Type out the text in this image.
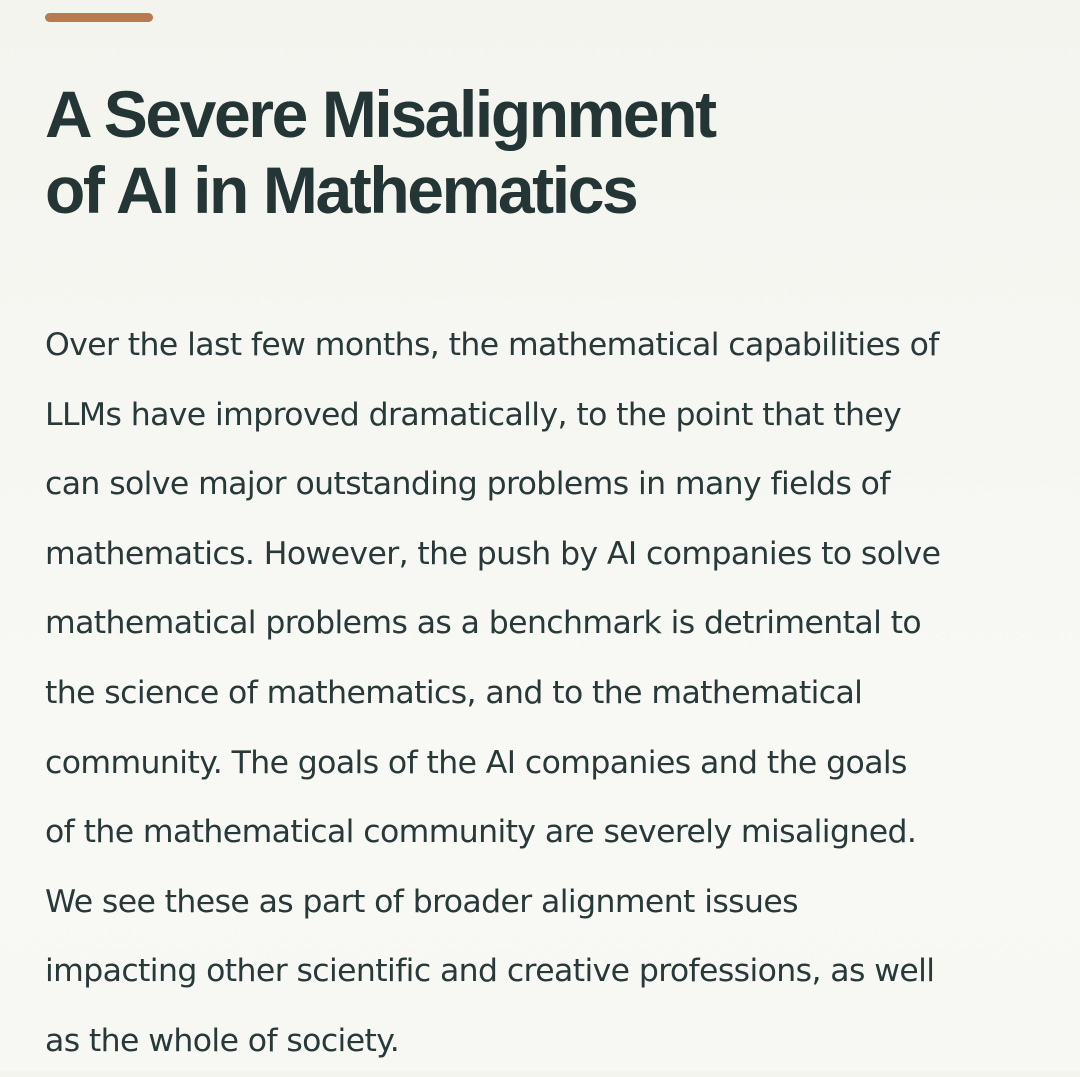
A Severe Misalignment
of AI in Mathematics

Over the last few months, the mathematical capabilities of
LLMs have improved dramatically, to the point that they
can solve major outstanding problems in many fields of
mathematics. However, the push by AI companies to solve
mathematical problems as a benchmark is detrimental to
the science of mathematics, and to the mathematical
community. The goals of the AI companies and the goals
of the mathematical community are severely misaligned.
We see these as part of broader alignment issues
impacting other scientific and creative professions, as well
as the whole of society.
